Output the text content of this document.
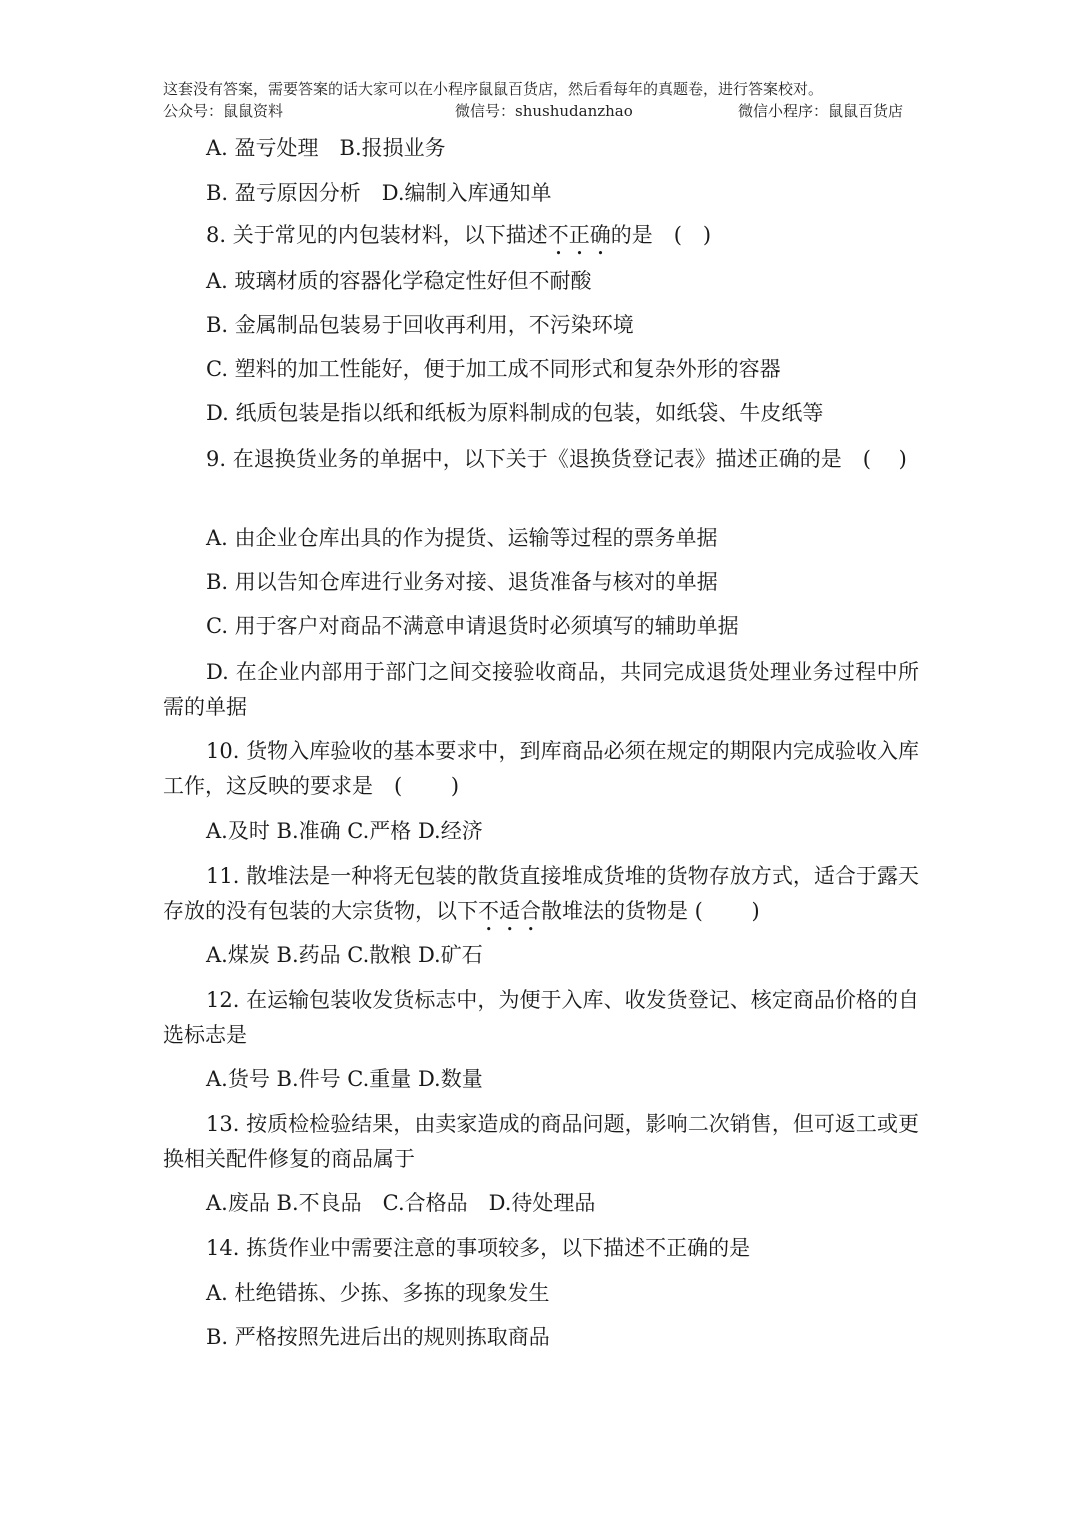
这套没有答案，需要答案的话大家可以在小程序鼠鼠百货店，然后看每年的真题卷，进行答案校对。
公众号：鼠鼠资料	微信号：shushudanzhao	微信小程序：鼠鼠百货店
A. 盈亏处理　B.报损业务
B. 盈亏原因分析　D.编制入库通知单
8. 关于常见的内包装材料，以下描述不正确的是　(　)
A. 玻璃材质的容器化学稳定性好但不耐酸
B. 金属制品包装易于回收再利用，不污染环境
C. 塑料的加工性能好，便于加工成不同形式和复杂外形的容器
D. 纸质包装是指以纸和纸板为原料制成的包装，如纸袋、牛皮纸等
9. 在退换货业务的单据中，以下关于《退换货登记表》描述正确的是　(　 )
A. 由企业仓库出具的作为提货、运输等过程的票务单据
B. 用以告知仓库进行业务对接、退货准备与核对的单据
C. 用于客户对商品不满意申请退货时必须填写的辅助单据
D. 在企业内部用于部门之间交接验收商品，共同完成退货处理业务过程中所需的单据
10. 货物入库验收的基本要求中，到库商品必须在规定的期限内完成验收入库工作，这反映的要求是　(　　 )
A.及时 B.准确 C.严格 D.经济
11. 散堆法是一种将无包装的散货直接堆成货堆的货物存放方式，适合于露天存放的没有包装的大宗货物，以下不适合散堆法的货物是 (　　 )
A.煤炭 B.药品 C.散粮 D.矿石
12. 在运输包装收发货标志中，为便于入库、收发货登记、核定商品价格的自选标志是
A.货号 B.件号 C.重量 D.数量
13. 按质检检验结果，由卖家造成的商品问题，影响二次销售，但可返工或更换相关配件修复的商品属于
A.废品 B.不良品　C.合格品　D.待处理品
14. 拣货作业中需要注意的事项较多，以下描述不正确的是
A. 杜绝错拣、少拣、多拣的现象发生
B. 严格按照先进后出的规则拣取商品
